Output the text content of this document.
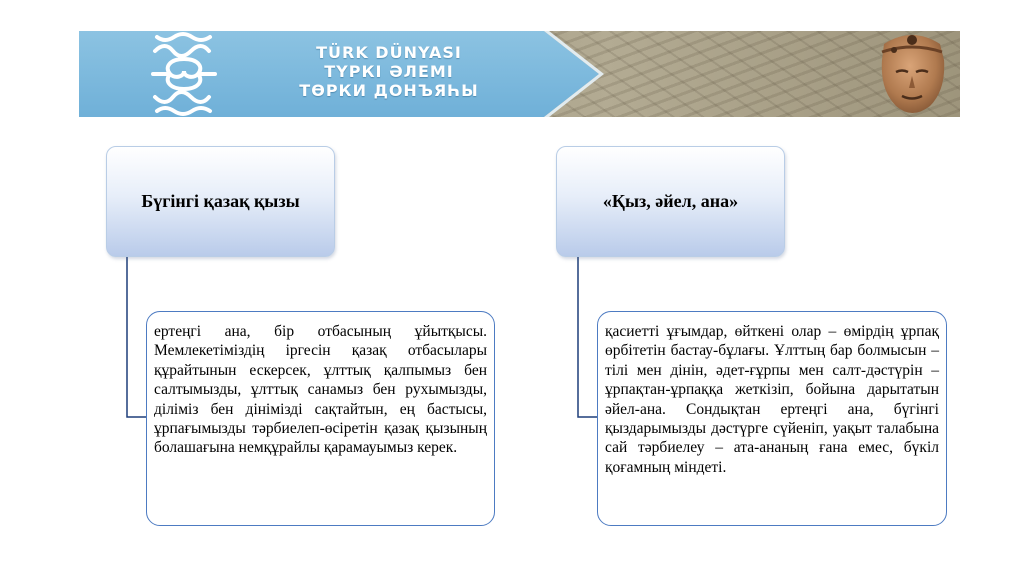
TÜRK DÜNYASI
ТҮРКІ ӘЛЕМІ
ТӨРКИ ДОНЪЯҺЫ
Бүгінгі қазақ қызы	«Қыз, әйел, ана»
ертеңгі ана, бір отбасының ұйытқысы. Мемлекетіміздің іргесін қазақ отбасылары құрайтынын ескерсек, ұлттық қалпымыз бен салтымызды, ұлттық санамыз бен рухымызды, діліміз бен дінімізді сақтайтын, ең бастысы, ұрпағымызды тәрбиелеп-өсіретін қазақ қызының болашағына немқұрайлы қарамауымыз керек.
қасиетті ұғымдар, өйткені олар – өмірдің ұрпақ өрбітетін бастау-бұлағы. Ұлттың бар болмысын – тілі мен дінін, әдет-ғұрпы мен салт-дәстүрін – ұрпақтан-ұрпаққа жеткізіп, бойына дарытатын әйел-ана. Сондықтан ертеңгі ана, бүгінгі қыздарымызды дәстүрге сүйеніп, уақыт талабына сай тәрбиелеу – ата-ананың ғана емес, бүкіл қоғамның міндеті.
